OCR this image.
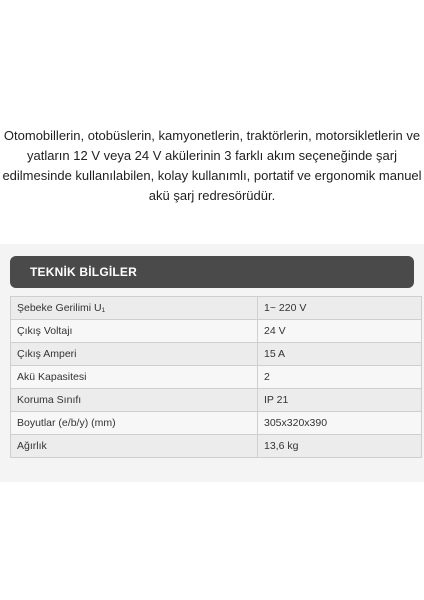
Otomobillerin, otobüslerin, kamyonetlerin, traktörlerin, motorsikletlerin ve
yatların 12 V veya 24 V akülerinin 3 farklı akım seçeneğinde şarj
edilmesinde kullanılabilen, kolay kullanımlı, portatif ve ergonomik manuel
akü şarj redresörüdür.
TEKNİK BİLGİLER
Şebeke Gerilimi U₁	1~ 220 V
Çıkış Voltajı	24 V
Çıkış Amperi	15 A
Akü Kapasitesi	2
Koruma Sınıfı	IP 21
Boyutlar (e/b/y) (mm)	305x320x390
Ağırlık	13,6 kg
